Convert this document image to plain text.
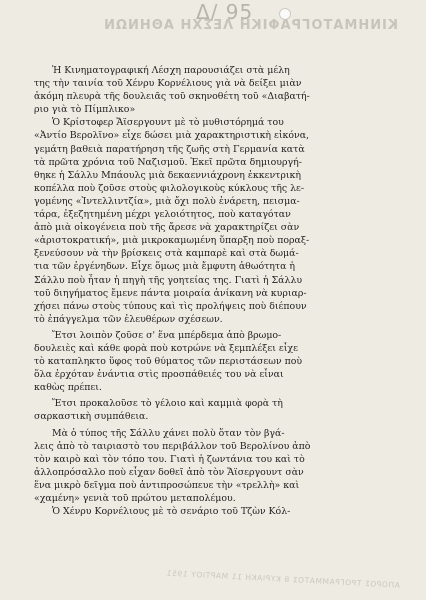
Δ/ 95
ΚΙΝΗΜΑΤΟΓΡΑΦΙΚΗ ΛΕΣΧΗ ΑΘΗΝΩΝ
Ἡ Κινηματογραφική Λέσχη παρουσιάζει στὰ μέλη
της τὴν ταινία τοῦ Χένρυ Κορνέλιους γιὰ νὰ δείξει μιὰν
ἀκόμη πλευρὰ τῆς δουλειᾶς τοῦ σκηνοθέτη τοῦ «Διαβατή-
ριο γιὰ τὸ Πίμπλικο»
Ὁ Κρίστοφερ Ἄϊσεργουντ μὲ τὸ μυθιστόρημά του
«Ἀντίο Βερολῖνο» εἶχε δώσει μιὰ χαρακτηριστικὴ εἰκόνα,
γεμάτη βαθειὰ παρατήρηση τῆς ζωῆς στὴ Γερμανία κατὰ
τὰ πρῶτα χρόνια τοῦ Ναζισμοῦ. Ἐκεῖ πρῶτα δημιουργή-
θηκε ἡ Σάλλυ Μπάουλς μιὰ δεκαεννιάχρονη ἐκκεντρικὴ
κοπέλλα ποὺ ζοῦσε στοὺς φιλολογικοὺς κύκλους τῆς λε-
γομένης «Ἰντελλιντζία», μιὰ ὄχι πολὺ ἐνάρετη, πεισμα-
τάρα, ἐξεζητημένη μέχρι γελοιότητος, ποὺ καταγόταν
ἀπὸ μιὰ οἰκογένεια ποὺ τῆς ἄρεσε νὰ χαρακτηρίζει σὰν
«ἀριστοκρατική», μιὰ μικροκαμωμένη ὕπαρξη ποὺ ποραξ-
ξενεύσουν νὰ τὴν βρίσκεις στὰ καμπαρὲ καὶ στὰ δωμά-
τια τῶν ἐργένηδων. Εἶχε ὅμως μιὰ ἔμφυτη ἀθωότητα ἡ
Σάλλυ ποὺ ἦταν ἡ πηγὴ τῆς γοητείας της. Γιατὶ ἡ Σάλλυ
τοῦ διηγήματος ἔμενε πάντα μοιραία ἀνίκανη νὰ κυριαρ-
χήσει πάνω στοὺς τύπους καὶ τὶς προλήψεις ποὺ διέπουν
τὸ ἐπάγγελμα τῶν ἐλευθέρων σχέσεων.
Ἔτσι λοιπὸν ζοῦσε σ' ἕνα μπέρδεμα ἀπὸ βρωμο-
δουλειὲς καὶ κάθε φορὰ ποὺ κοτρώνε νὰ ξεμπλέξει εἶχε
τὸ καταπληκτο ὕφος τοῦ θύματος τῶν περιστάσεων ποὺ
ὅλα ἐρχόταν ἐνάντια στὶς προσπάθειές του νὰ εἶναι
καθὼς πρέπει.
Ἔτσι προκαλοῦσε τὸ γέλοιο καὶ καμμιὰ φορὰ τὴ
σαρκαστικὴ συμπάθεια.
Μὰ ὁ τύπος τῆς Σάλλυ χάνει πολὺ ὅταν τὸν βγά-
λεις ἀπὸ τὸ ταιριαστὸ του περιβάλλον τοῦ Βερολίνου ἀπὸ
τὸν καιρὸ καὶ τὸν τόπο του. Γιατὶ ἡ ζωντάνια του καὶ τὸ
ἀλλοπρόσαλλο ποὺ εἶχαν δοθεῖ ἀπὸ τὸν Ἄϊσεργουντ σὰν
ἕνα μικρὸ δεῖγμα ποὺ ἀντιπροσώπευε τὴν «τρελλὴ» καὶ
«χαμένη» γενιὰ τοῦ πρώτου μεταπολέμου.
Ὁ Χένρυ Κορνέλιους μὲ τὸ σενάριο τοῦ Τζὼν Κόλ-
ΑΠΟΡΟΣ ΤΡΟΓΡΑΜΜΑΤΟΣ 8 ΚΥΡΙΑΚΗ 11 ΜΑΡΤΙΟΥ 1951
